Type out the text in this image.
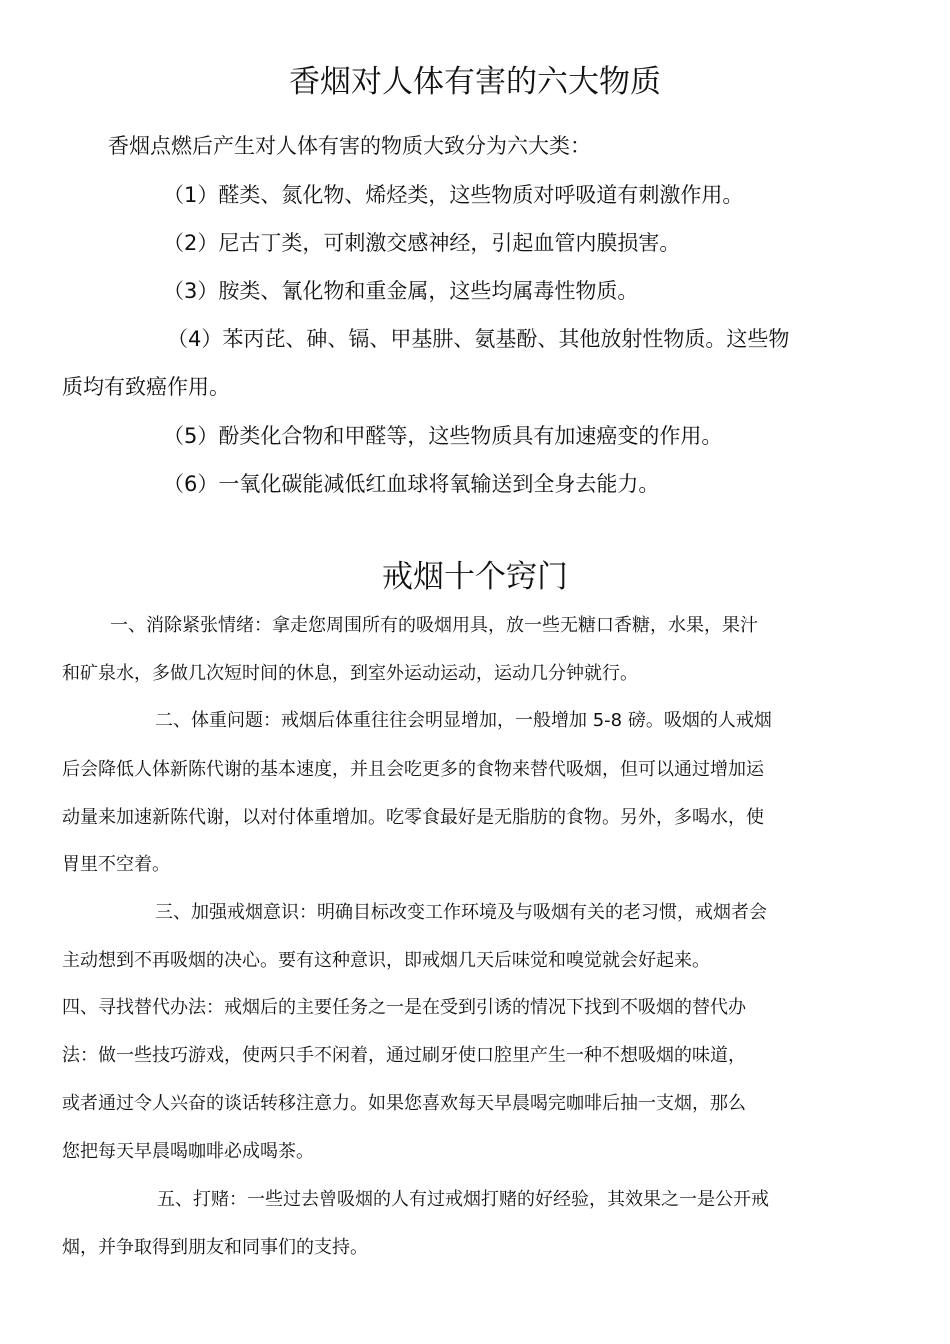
香烟对人体有害的六大物质
香烟点燃后产生对人体有害的物质大致分为六大类：
（1）醛类、氮化物、烯烃类，这些物质对呼吸道有刺激作用。
（2）尼古丁类，可刺激交感神经，引起血管内膜损害。
（3）胺类、氰化物和重金属，这些均属毒性物质。
（4）苯丙芘、砷、镉、甲基肼、氨基酚、其他放射性物质。这些物
质均有致癌作用。
（5）酚类化合物和甲醛等，这些物质具有加速癌变的作用。
（6）一氧化碳能减低红血球将氧输送到全身去能力。
戒烟十个窍门
一、消除紧张情绪：拿走您周围所有的吸烟用具，放一些无糖口香糖，水果，果汁
和矿泉水，多做几次短时间的休息，到室外运动运动，运动几分钟就行。
二、体重问题：戒烟后体重往往会明显增加，一般增加 5-8 磅。吸烟的人戒烟
后会降低人体新陈代谢的基本速度，并且会吃更多的食物来替代吸烟，但可以通过增加运
动量来加速新陈代谢，以对付体重增加。吃零食最好是无脂肪的食物。另外，多喝水，使
胃里不空着。
三、加强戒烟意识：明确目标改变工作环境及与吸烟有关的老习惯，戒烟者会
主动想到不再吸烟的决心。要有这种意识，即戒烟几天后味觉和嗅觉就会好起来。
四、寻找替代办法：戒烟后的主要任务之一是在受到引诱的情况下找到不吸烟的替代办
法：做一些技巧游戏，使两只手不闲着，通过刷牙使口腔里产生一种不想吸烟的味道，
或者通过令人兴奋的谈话转移注意力。如果您喜欢每天早晨喝完咖啡后抽一支烟，那么
您把每天早晨喝咖啡必成喝茶。
五、打赌：一些过去曾吸烟的人有过戒烟打赌的好经验，其效果之一是公开戒
烟，并争取得到朋友和同事们的支持。
